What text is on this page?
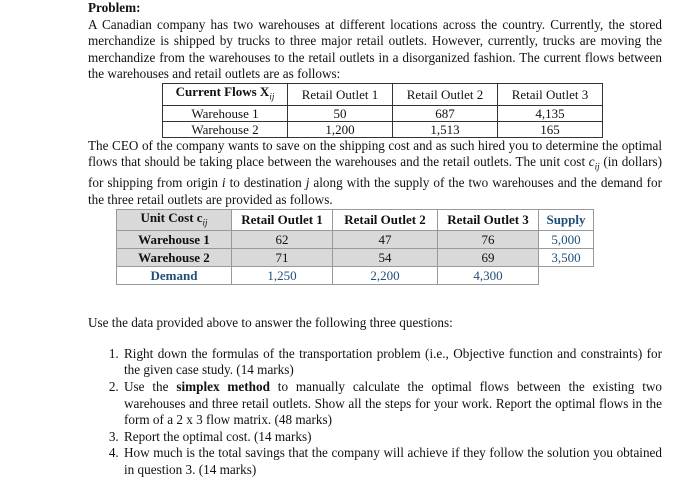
Problem:

A Canadian company has two warehouses at different locations across the country. Currently, the stored merchandize is shipped by trucks to three major retail outlets. However, currently, trucks are moving the merchandize from the warehouses to the retail outlets in a disorganized fashion. The current flows between the warehouses and retail outlets are as follows:

Current Flows $X_{ij}$	Retail Outlet 1	Retail Outlet 2	Retail Outlet 3
Warehouse 1	50	687	4,135
Warehouse 2	1,200	1,513	165

The CEO of the company wants to save on the shipping cost and as such hired you to determine the optimal flows that should be taking place between the warehouses and the retail outlets. The unit cost $c_{ij}$ (in dollars) for shipping from origin i to destination j along with the supply of the two warehouses and the demand for the three retail outlets are provided as follows.

Unit Cost $c_{ij}$	Retail Outlet 1	Retail Outlet 2	Retail Outlet 3	Supply
Warehouse 1	62	47	76	5,000
Warehouse 2	71	54	69	3,500
Demand	1,250	2,200	4,300	

Use the data provided above to answer the following three questions:

1. Right down the formulas of the transportation problem (i.e., Objective function and constraints) for the given case study. (14 marks)
2. Use the simplex method to manually calculate the optimal flows between the existing two warehouses and three retail outlets. Show all the steps for your work. Report the optimal flows in the form of a 2 x 3 flow matrix. (48 marks)
3. Report the optimal cost. (14 marks)
4. How much is the total savings that the company will achieve if they follow the solution you obtained in question 3. (14 marks)
